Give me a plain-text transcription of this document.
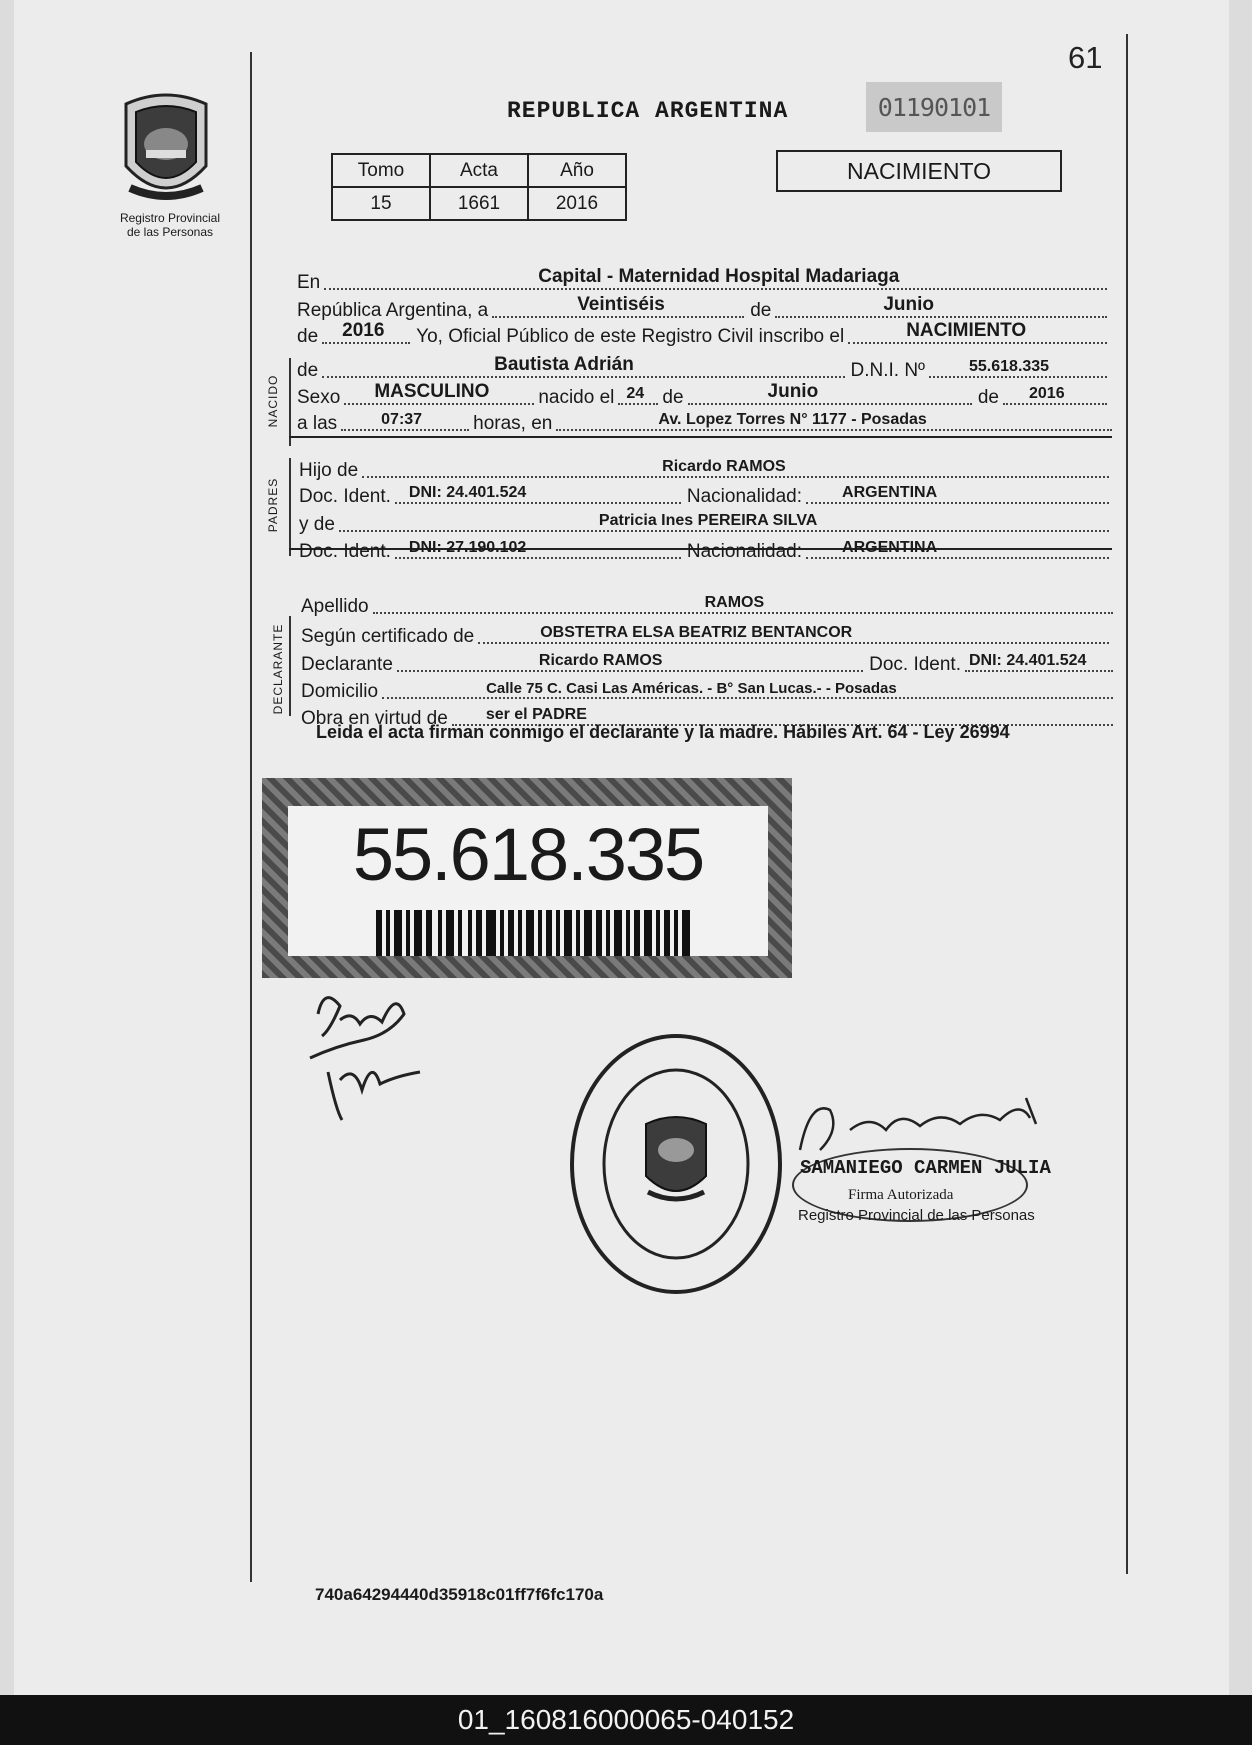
61
Registro Provincial
de las Personas
REPUBLICA ARGENTINA	01190101
Tomo	Acta	Año
15	1661	2016
NACIMIENTO
En	Capital - Maternidad Hospital Madariaga
República Argentina, a	Veintiséis	de	Junio
de 2016	Yo, Oficial Público de este Registro Civil inscribo el	NACIMIENTO
NACIDO
de	Bautista Adrián	D.N.I. Nº	55.618.335
Sexo MASCULINO	nacido el 24 de	Junio	de 2016
a las	07:37	horas, en	Av. Lopez Torres N° 1177 - Posadas
PADRES
Hijo de	Ricardo RAMOS
Doc. Ident. DNI: 24.401.524	Nacionalidad:	ARGENTINA
y de	Patricia Ines PEREIRA SILVA
Doc. Ident. DNI: 27.190.102	Nacionalidad:	ARGENTINA
Apellido	RAMOS
DECLARANTE Según certificado de	OBSTETRA ELSA BEATRIZ BENTANCOR
Declarante	Ricardo RAMOS	Doc. Ident. DNI: 24.401.524
Domicilio	Calle 75 C. Casi Las Américas. - B° San Lucas.- - Posadas
Obra en virtud de ser el PADRE
Leida el acta firman conmigo el declarante y la madre. Hábiles Art. 64 - Ley 26994
55.618.335
SAMANIEGO CARMEN JULIA
Firma Autorizada
Registro Provincial de las Personas
740a64294440d35918c01ff7f6fc170a
01_160816000065-040152
